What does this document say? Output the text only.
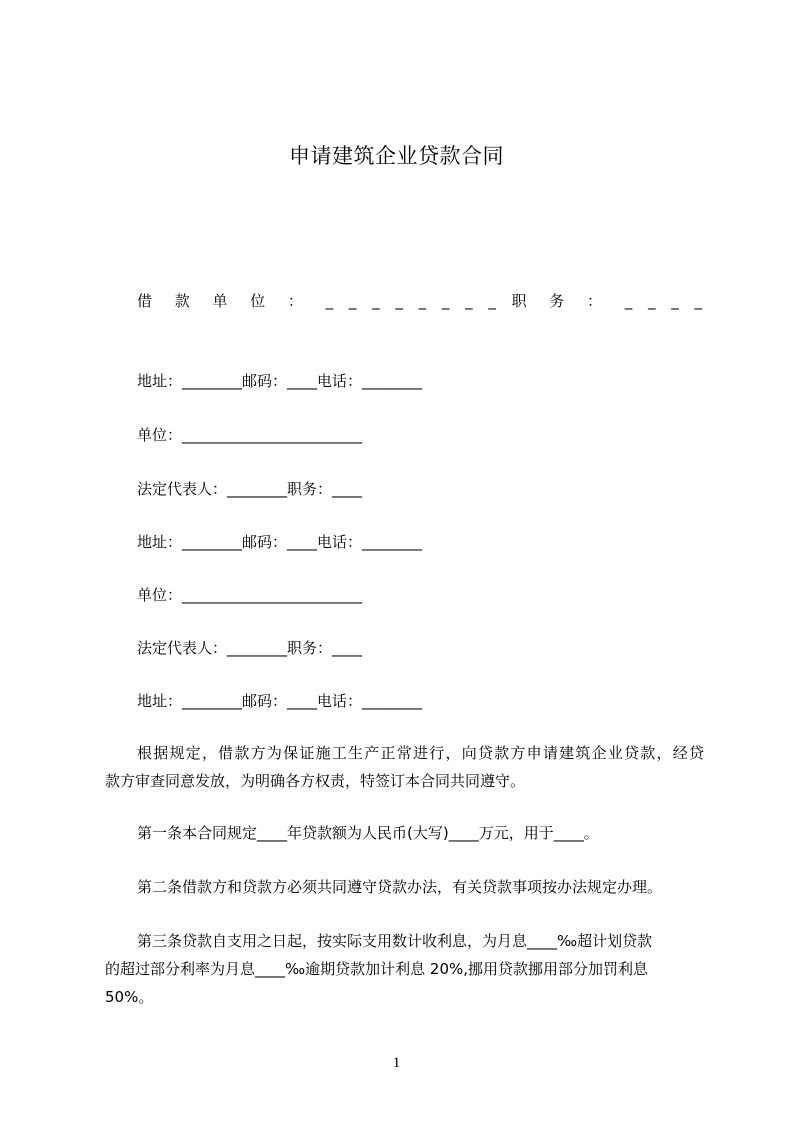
申请建筑企业贷款合同
借 款 单 位 ： _ _ _ _ _ _ _ _ 职 务 ： _ _ _ _
地址：________邮码：____电话：________
单位：________________________
法定代表人：________职务：____
地址：________邮码：____电话：________
单位：________________________
法定代表人：________职务：____
地址：________邮码：____电话：________
根据规定，借款方为保证施工生产正常进行，向贷款方申请建筑企业贷款，经贷
款方审查同意发放，为明确各方权责，特签订本合同共同遵守。
第一条本合同规定____年贷款额为人民币(大写)____万元，用于____。
第二条借款方和贷款方必须共同遵守贷款办法，有关贷款事项按办法规定办理。
第三条贷款自支用之日起，按实际支用数计收利息，为月息____‰超计划贷款
的超过部分利率为月息____‰逾期贷款加计利息 20%,挪用贷款挪用部分加罚利息
50%。
1
